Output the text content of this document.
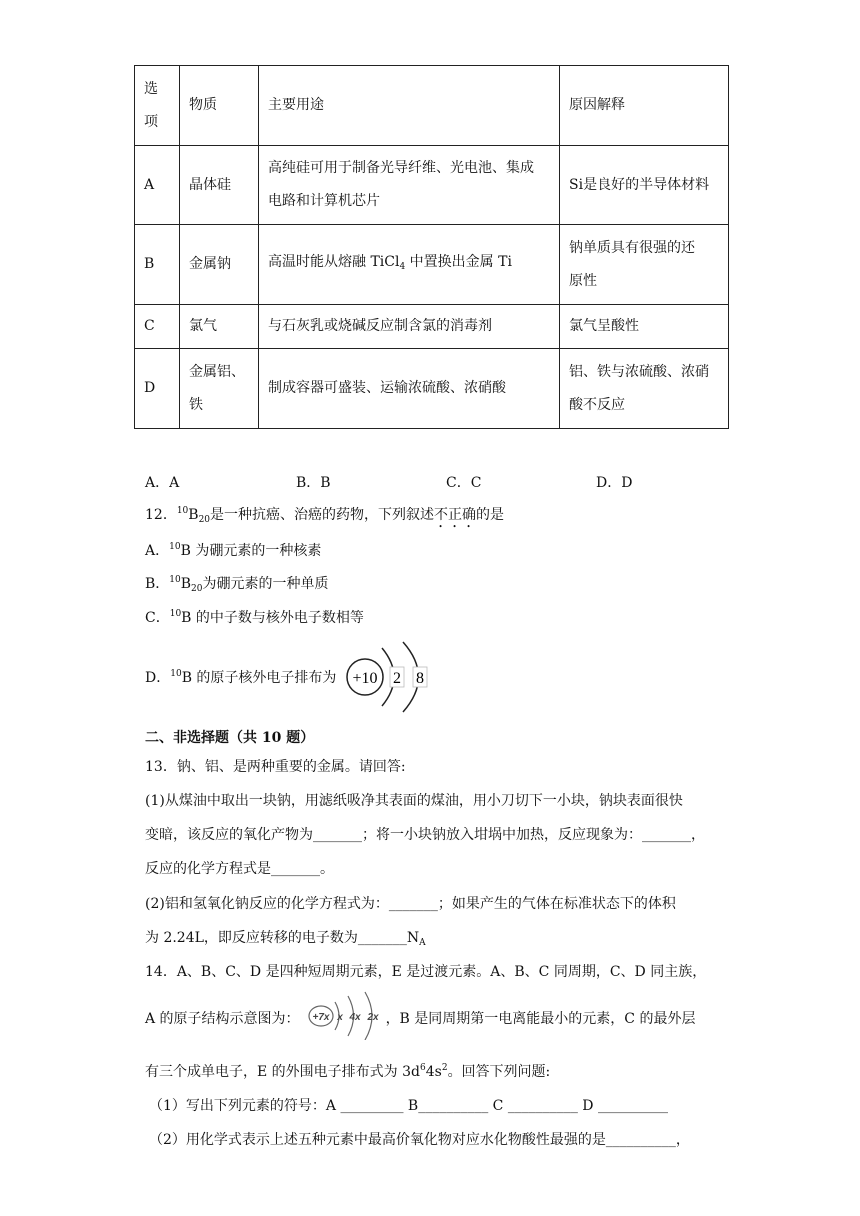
选
项	物质	主要用途	原因解释
A	晶体硅	高纯硅可用于制备光导纤维、光电池、集成
电路和计算机芯片	Si是良好的半导体材料
B	金属钠	高温时能从熔融 TiCl$_4$ 中置换出金属 Ti	钠单质具有很强的还
原性
C	氯气	与石灰乳或烧碱反应制含氯的消毒剂	氯气呈酸性
D	金属铝、
铁	制成容器可盛装、运输浓硫酸、浓硝酸	铝、铁与浓硫酸、浓硝
酸不反应
A．A	B．B	C．C	D．D
12．$^{10}B_{20}$是一种抗癌、治癌的药物，下列叙述不正确的是
A．$^{10}$B 为硼元素的一种核素
B．$^{10}B_{20}$为硼元素的一种单质
C．$^{10}$B 的中子数与核外电子数相等
D．$^{10}$B 的原子核外电子排布为 +10 2 8
二、非选择题（共 10 题）
13．钠、铝、是两种重要的金属。请回答:
(1)从煤油中取出一块钠，用滤纸吸净其表面的煤油，用小刀切下一小块，钠块表面很快
变暗，该反应的氧化产物为_______；将一小块钠放入坩埚中加热，反应现象为：_______，
反应的化学方程式是_______。
(2)铝和氢氧化钠反应的化学方程式为：_______；如果产生的气体在标准状态下的体积
为 2.24L，即反应转移的电子数为$\_\_\_\_\_\_\_N_A$
14．A、B、C、D 是四种短周期元素，E 是过渡元素。A、B、C 同周期，C、D 同主族，
A 的原子结构示意图为：	，B 是同周期第一电离能最小的元素，C 的最外层
+7x x 4x 2x
有三个成单电子，E 的外围电子排布式为 $3d^64s^2$。回答下列问题:
（1）写出下列元素的符号：A _________ B__________ C __________ D __________
（2）用化学式表示上述五种元素中最高价氧化物对应水化物酸性最强的是__________，
